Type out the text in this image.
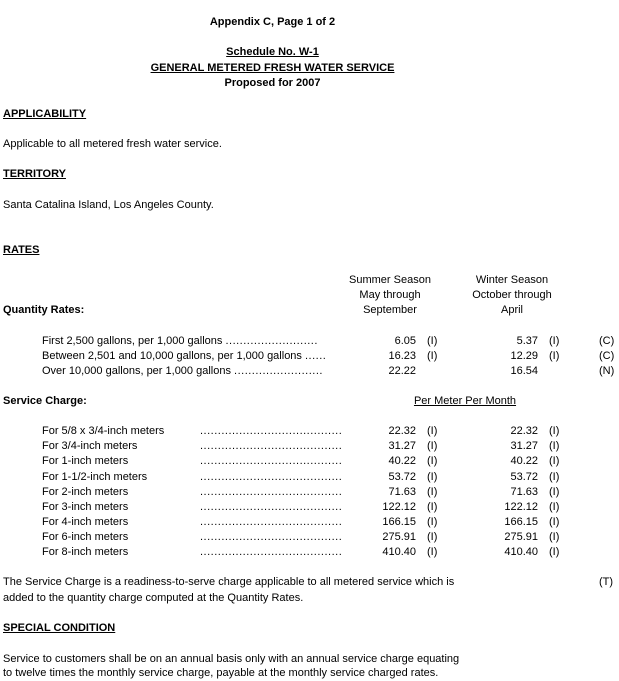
Appendix C, Page 1 of 2
Schedule No. W-1
GENERAL METERED FRESH WATER SERVICE
Proposed for 2007
APPLICABILITY
Applicable to all metered fresh water service.
TERRITORY
Santa Catalina Island, Los Angeles County.
RATES
Summer Season
May through
September
Winter Season
October through
April
Quantity Rates:
First 2,500 gallons, per 1,000 gallons ..........................	6.05 (I)	5.37 (I)	(C)
Between 2,501 and 10,000 gallons, per 1,000 gallons ......	16.23 (I)	12.29 (I)	(C)
Over 10,000 gallons, per 1,000 gallons .........................	22.22	16.54	(N)
Service Charge:	Per Meter Per Month
For 5/8 x 3/4-inch meters	........................................	22.32 (I)	22.32 (I)
For 3/4-inch meters	........................................	31.27 (I)	31.27 (I)
For 1-inch meters	........................................	40.22 (I)	40.22 (I)
For 1-1/2-inch meters	........................................	53.72 (I)	53.72 (I)
For 2-inch meters	........................................	71.63 (I)	71.63 (I)
For 3-inch meters	........................................	122.12 (I)	122.12 (I)
For 4-inch meters	........................................	166.15 (I)	166.15 (I)
For 6-inch meters	........................................	275.91 (I)	275.91 (I)
For 8-inch meters	........................................	410.40 (I)	410.40 (I)
The Service Charge is a readiness-to-serve charge applicable to all metered service which is	(T)
added to the quantity charge computed at the Quantity Rates.
SPECIAL CONDITION
Service to customers shall be on an annual basis only with an annual service charge equating
to twelve times the monthly service charge, payable at the monthly service charged rates.
